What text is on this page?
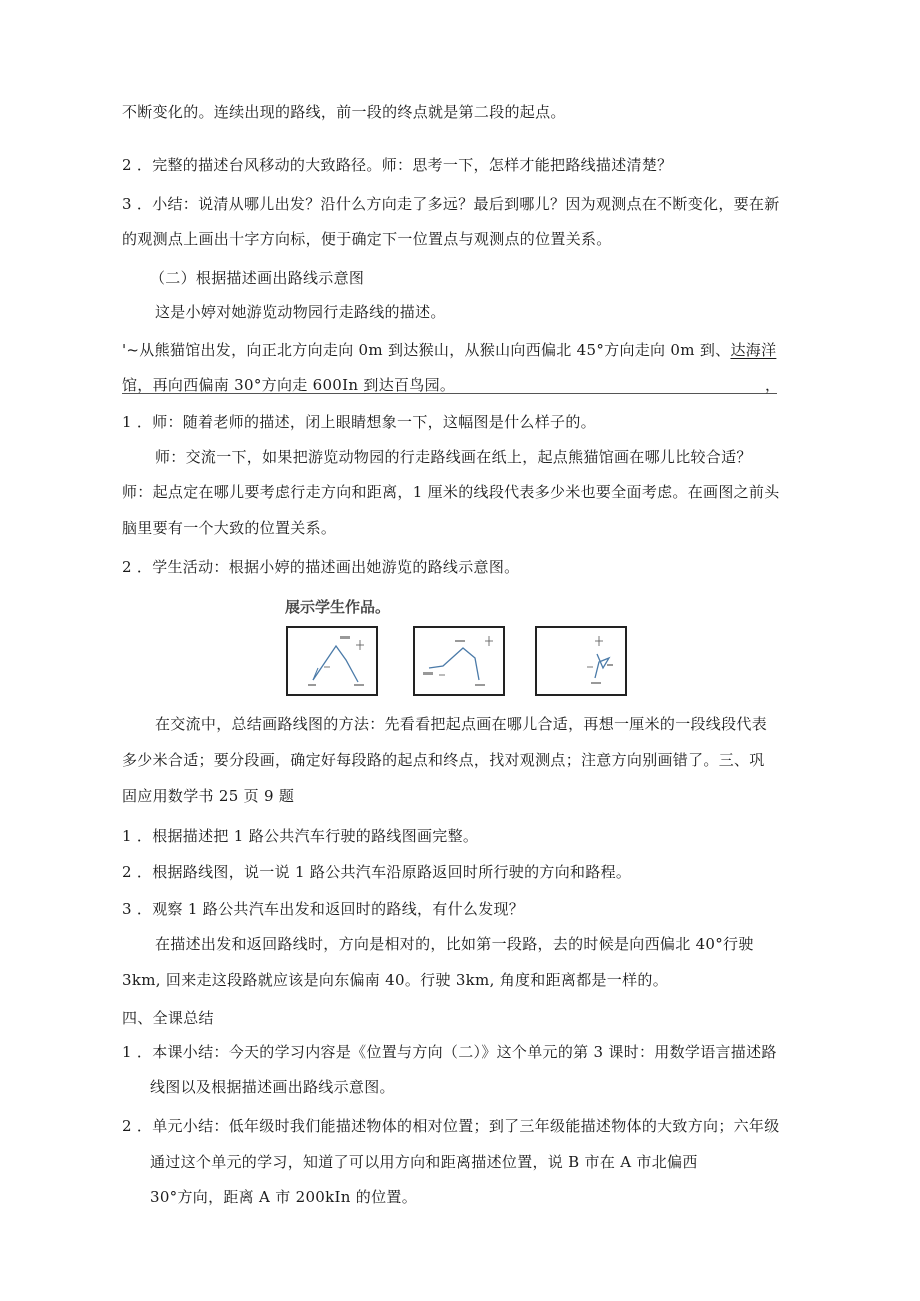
不断变化的。连续出现的路线，前一段的终点就是第二段的起点。
2 ．完整的描述台风移动的大致路径。师：思考一下，怎样才能把路线描述清楚？
3 ．小结：说清从哪儿出发？沿什么方向走了多远？最后到哪儿？因为观测点在不断变化，要在新
的观测点上画出十字方向标，便于确定下一位置点与观测点的位置关系。
（二）根据描述画出路线示意图
这是小婷对她游览动物园行走路线的描述。
'~从熊猫馆出发，向正北方向走向 0m 到达猴山，从猴山向西偏北 45°方向走向 0m 到、达海洋
馆，再向西偏南 30°方向走 600In 到达百鸟园。	，
1 ．师：随着老师的描述，闭上眼睛想象一下，这幅图是什么样子的。
师：交流一下，如果把游览动物园的行走路线画在纸上，起点熊猫馆画在哪儿比较合适？
师：起点定在哪儿要考虑行走方向和距离，1 厘米的线段代表多少米也要全面考虑。在画图之前头
脑里要有一个大致的位置关系。
2 ．学生活动：根据小婷的描述画出她游览的路线示意图。
展示学生作品。
在交流中，总结画路线图的方法：先看看把起点画在哪儿合适，再想一厘米的一段线段代表
多少米合适；要分段画，确定好每段路的起点和终点，找对观测点；注意方向别画错了。三、巩
固应用数学书 25 页 9 题
1 ．根据描述把 1 路公共汽车行驶的路线图画完整。
2 ．根据路线图，说一说 1 路公共汽车沿原路返回时所行驶的方向和路程。
3 ．观察 1 路公共汽车出发和返回时的路线，有什么发现？
在描述出发和返回路线时，方向是相对的，比如第一段路，去的时候是向西偏北 40°行驶
3km, 回来走这段路就应该是向东偏南 40。行驶 3km, 角度和距离都是一样的。
四、全课总结
1 ．本课小结：今天的学习内容是《位置与方向（二）》这个单元的第 3 课时：用数学语言描述路
线图以及根据描述画出路线示意图。
2 ．单元小结：低年级时我们能描述物体的相对位置；到了三年级能描述物体的大致方向；六年级
通过这个单元的学习，知道了可以用方向和距离描述位置，说 B 市在 A 市北偏西
30°方向，距离 A 市 200kIn 的位置。
